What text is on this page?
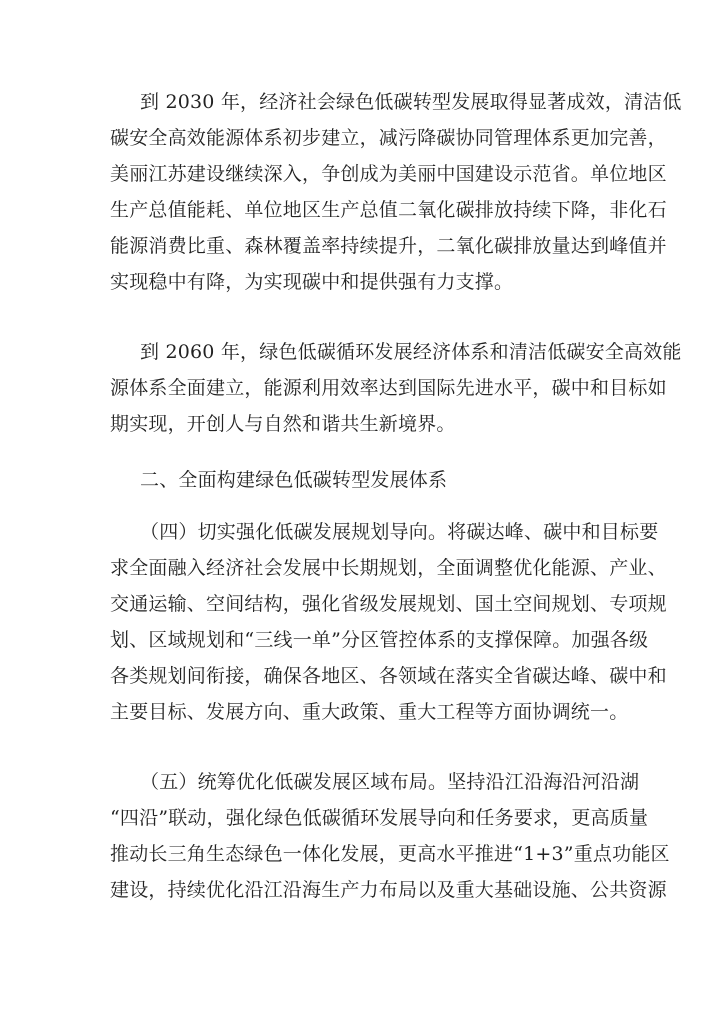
到 2030 年，经济社会绿色低碳转型发展取得显著成效，清洁低
碳安全高效能源体系初步建立，减污降碳协同管理体系更加完善，
美丽江苏建设继续深入，争创成为美丽中国建设示范省。单位地区
生产总值能耗、单位地区生产总值二氧化碳排放持续下降，非化石
能源消费比重、森林覆盖率持续提升，二氧化碳排放量达到峰值并
实现稳中有降，为实现碳中和提供强有力支撑。
到 2060 年，绿色低碳循环发展经济体系和清洁低碳安全高效能
源体系全面建立，能源利用效率达到国际先进水平，碳中和目标如
期实现，开创人与自然和谐共生新境界。
二、全面构建绿色低碳转型发展体系
（四）切实强化低碳发展规划导向。将碳达峰、碳中和目标要
求全面融入经济社会发展中长期规划，全面调整优化能源、产业、
交通运输、空间结构，强化省级发展规划、国土空间规划、专项规
划、区域规划和“三线一单”分区管控体系的支撑保障。加强各级
各类规划间衔接，确保各地区、各领域在落实全省碳达峰、碳中和
主要目标、发展方向、重大政策、重大工程等方面协调统一。
（五）统筹优化低碳发展区域布局。坚持沿江沿海沿河沿湖
“四沿”联动，强化绿色低碳循环发展导向和任务要求，更高质量
推动长三角生态绿色一体化发展，更高水平推进“1+3”重点功能区
建设，持续优化沿江沿海生产力布局以及重大基础设施、公共资源
